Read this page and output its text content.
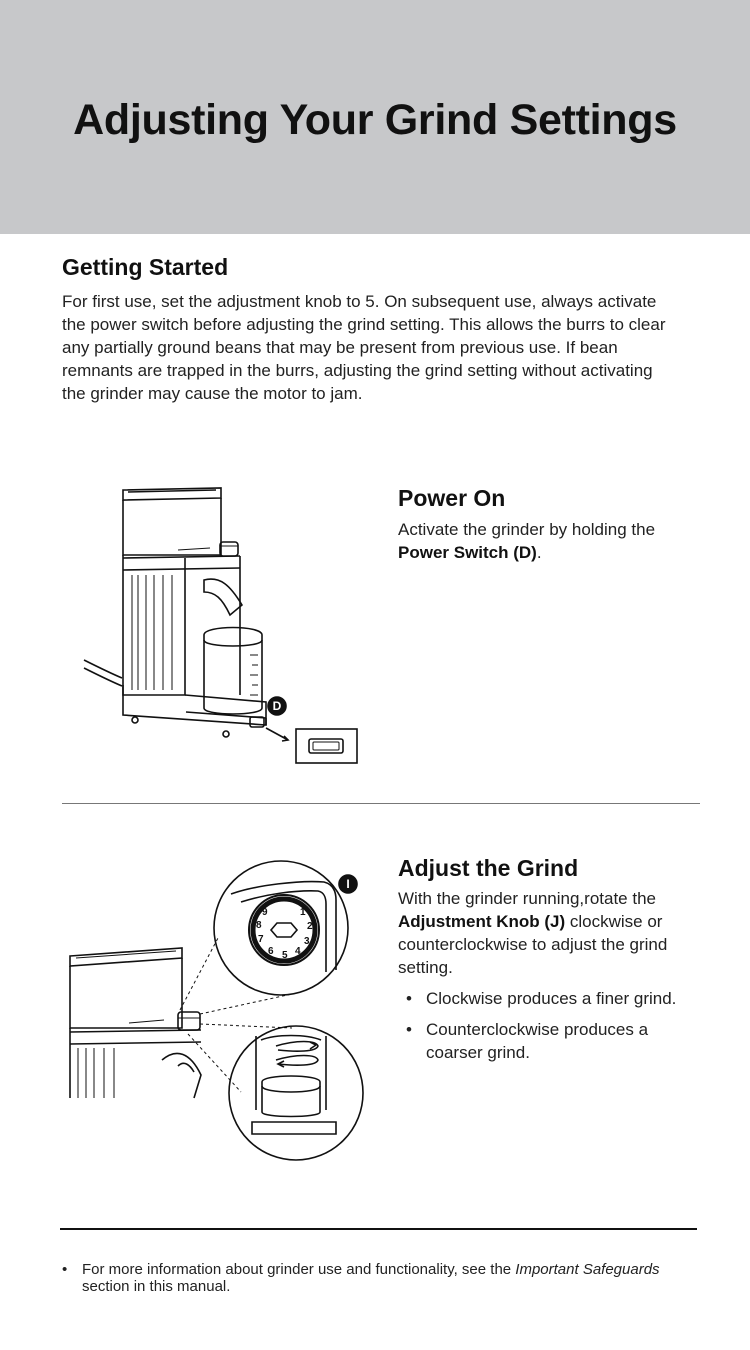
Adjusting Your Grind Settings
Getting Started

For first use, set the adjustment knob to 5. On subsequent use, always activate the power switch before adjusting the grind setting. This allows the burrs to clear any partially ground beans that may be present from previous use. If bean remnants are trapped in the burrs, adjusting the grind setting without activating the grinder may cause the motor to jam.

D
Power On

Activate the grinder by holding the Power Switch (D).

I
1
2
3
4
5
6
7
8
9
Adjust the Grind

With the grinder running,rotate the Adjustment Knob (J) clockwise or counterclockwise to adjust the grind setting.

• Clockwise produces a finer grind.
• Counterclockwise produces a coarser grind.
• For more information about grinder use and functionality, see the Important Safeguards section in this manual.
